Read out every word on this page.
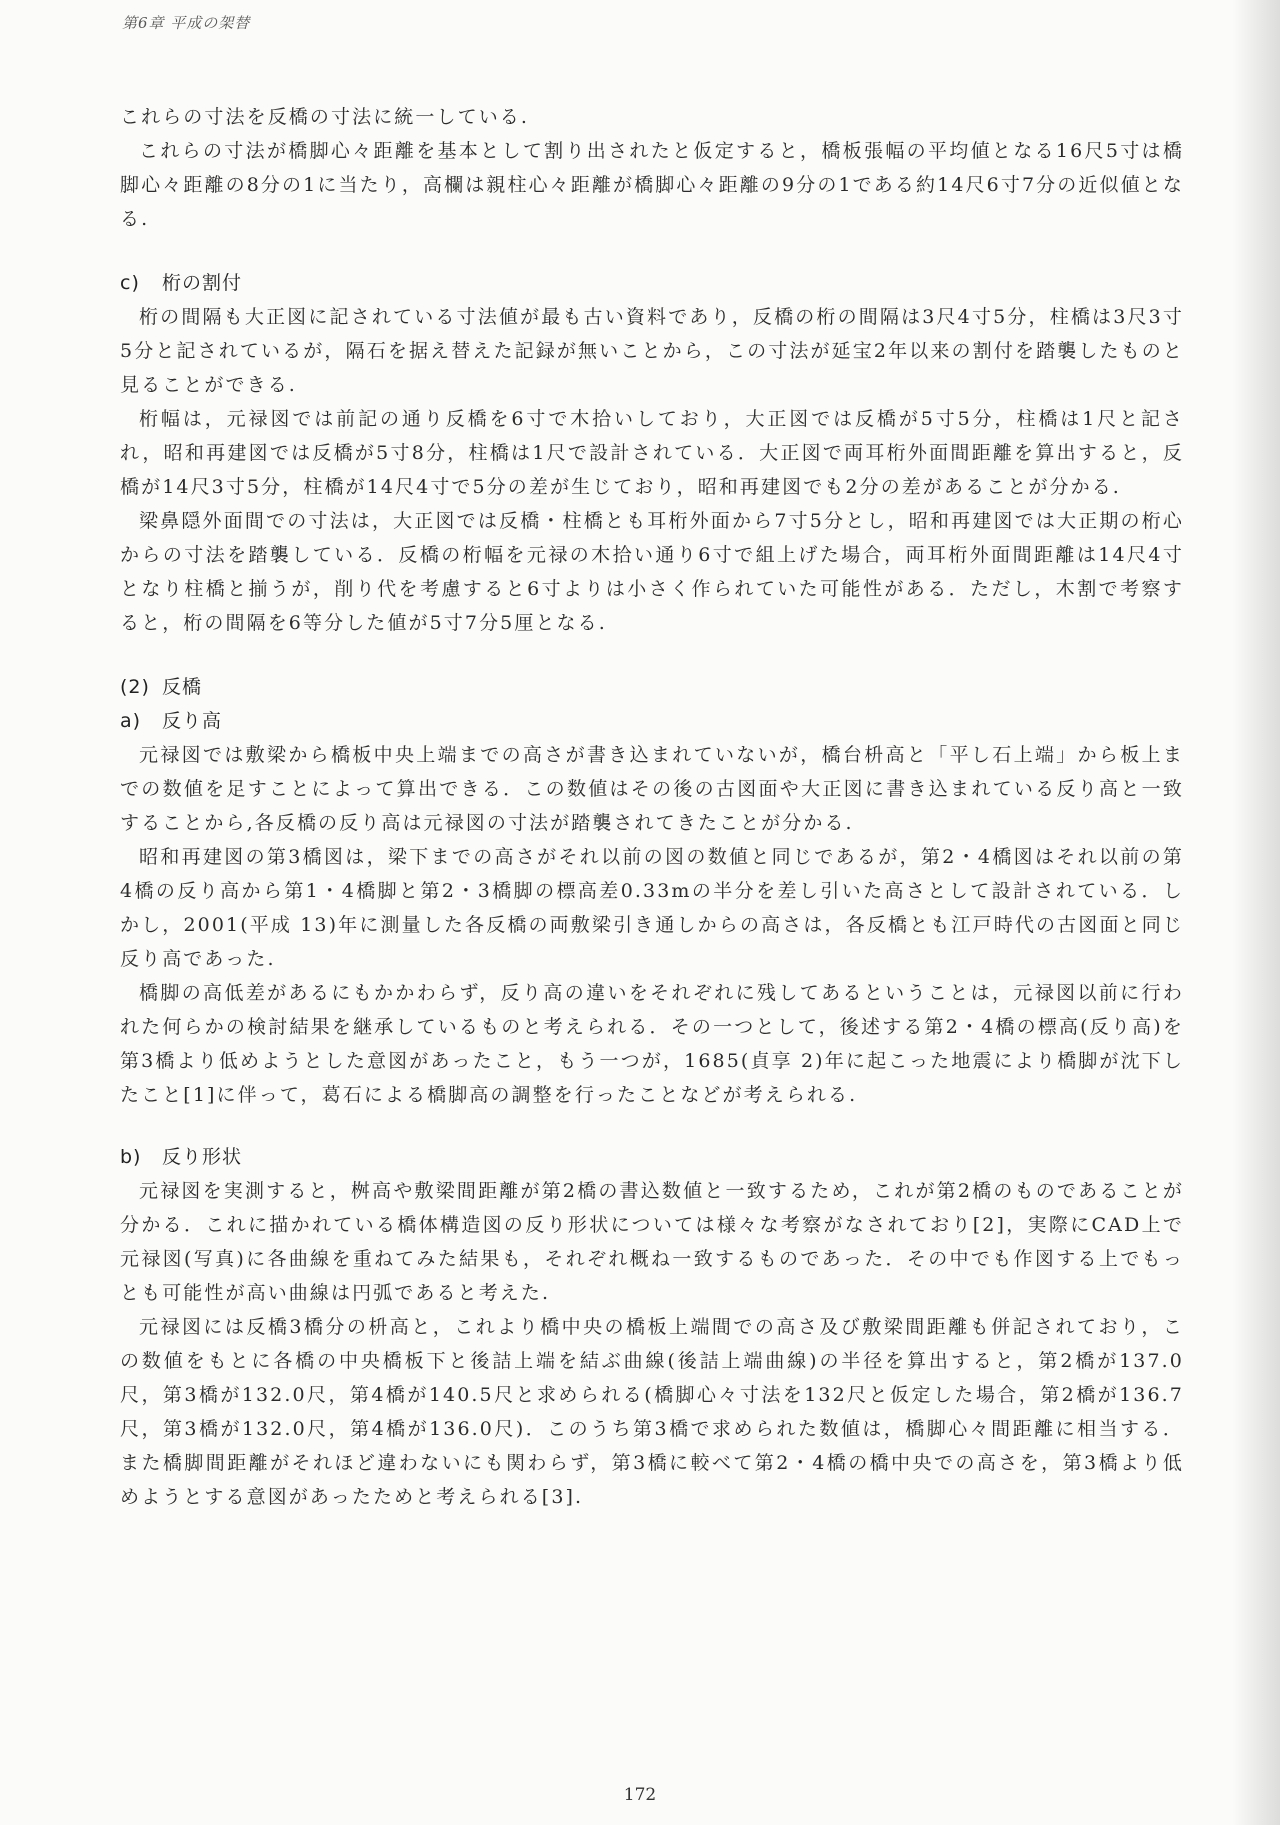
第6章 平成の架替

これらの寸法を反橋の寸法に統一している.

これらの寸法が橋脚心々距離を基本として割り出されたと仮定すると，橋板張幅の平均値となる16尺5寸は橋脚心々距離の8分の1に当たり，高欄は親柱心々距離が橋脚心々距離の9分の1である約14尺6寸7分の近似値となる.

c) 桁の割付

桁の間隔も大正図に記されている寸法値が最も古い資料であり，反橋の桁の間隔は3尺4寸5分，柱橋は3尺3寸5分と記されているが，隔石を据え替えた記録が無いことから，この寸法が延宝2年以来の割付を踏襲したものと見ることができる.

桁幅は，元禄図では前記の通り反橋を6寸で木拾いしており，大正図では反橋が5寸5分，柱橋は1尺と記され，昭和再建図では反橋が5寸8分，柱橋は1尺で設計されている．大正図で両耳桁外面間距離を算出すると，反橋が14尺3寸5分，柱橋が14尺4寸で5分の差が生じており，昭和再建図でも2分の差があることが分かる.

梁鼻隠外面間での寸法は，大正図では反橋・柱橋とも耳桁外面から7寸5分とし，昭和再建図では大正期の桁心からの寸法を踏襲している．反橋の桁幅を元禄の木拾い通り6寸で組上げた場合，両耳桁外面間距離は14尺4寸となり柱橋と揃うが，削り代を考慮すると6寸よりは小さく作られていた可能性がある．ただし，木割で考察すると，桁の間隔を6等分した値が5寸7分5厘となる.

(2) 反橋
a) 反り高

元禄図では敷梁から橋板中央上端までの高さが書き込まれていないが，橋台枡高と「平し石上端」から板上までの数値を足すことによって算出できる．この数値はその後の古図面や大正図に書き込まれている反り高と一致することから,各反橋の反り高は元禄図の寸法が踏襲されてきたことが分かる.

昭和再建図の第3橋図は，梁下までの高さがそれ以前の図の数値と同じであるが，第2・4橋図はそれ以前の第4橋の反り高から第1・4橋脚と第2・3橋脚の標高差0.33mの半分を差し引いた高さとして設計されている．しかし，2001(平成 13)年に測量した各反橋の両敷梁引き通しからの高さは，各反橋とも江戸時代の古図面と同じ反り高であった.

橋脚の高低差があるにもかかわらず，反り高の違いをそれぞれに残してあるということは，元禄図以前に行われた何らかの検討結果を継承しているものと考えられる．その一つとして，後述する第2・4橋の標高(反り高)を第3橋より低めようとした意図があったこと，もう一つが，1685(貞享 2)年に起こった地震により橋脚が沈下したこと[1]に伴って，葛石による橋脚高の調整を行ったことなどが考えられる.

b) 反り形状

元禄図を実測すると，桝高や敷梁間距離が第2橋の書込数値と一致するため，これが第2橋のものであることが分かる．これに描かれている橋体構造図の反り形状については様々な考察がなされており[2]，実際にCAD上で元禄図(写真)に各曲線を重ねてみた結果も，それぞれ概ね一致するものであった．その中でも作図する上でもっとも可能性が高い曲線は円弧であると考えた.

元禄図には反橋3橋分の枡高と，これより橋中央の橋板上端間での高さ及び敷梁間距離も併記されており，この数値をもとに各橋の中央橋板下と後詰上端を結ぶ曲線(後詰上端曲線)の半径を算出すると，第2橋が137.0尺，第3橋が132.0尺，第4橋が140.5尺と求められる(橋脚心々寸法を132尺と仮定した場合，第2橋が136.7尺，第3橋が132.0尺，第4橋が136.0尺)．このうち第3橋で求められた数値は，橋脚心々間距離に相当する．また橋脚間距離がそれほど違わないにも関わらず，第3橋に較べて第2・4橋の橋中央での高さを，第3橋より低めようとする意図があったためと考えられる[3].

172
